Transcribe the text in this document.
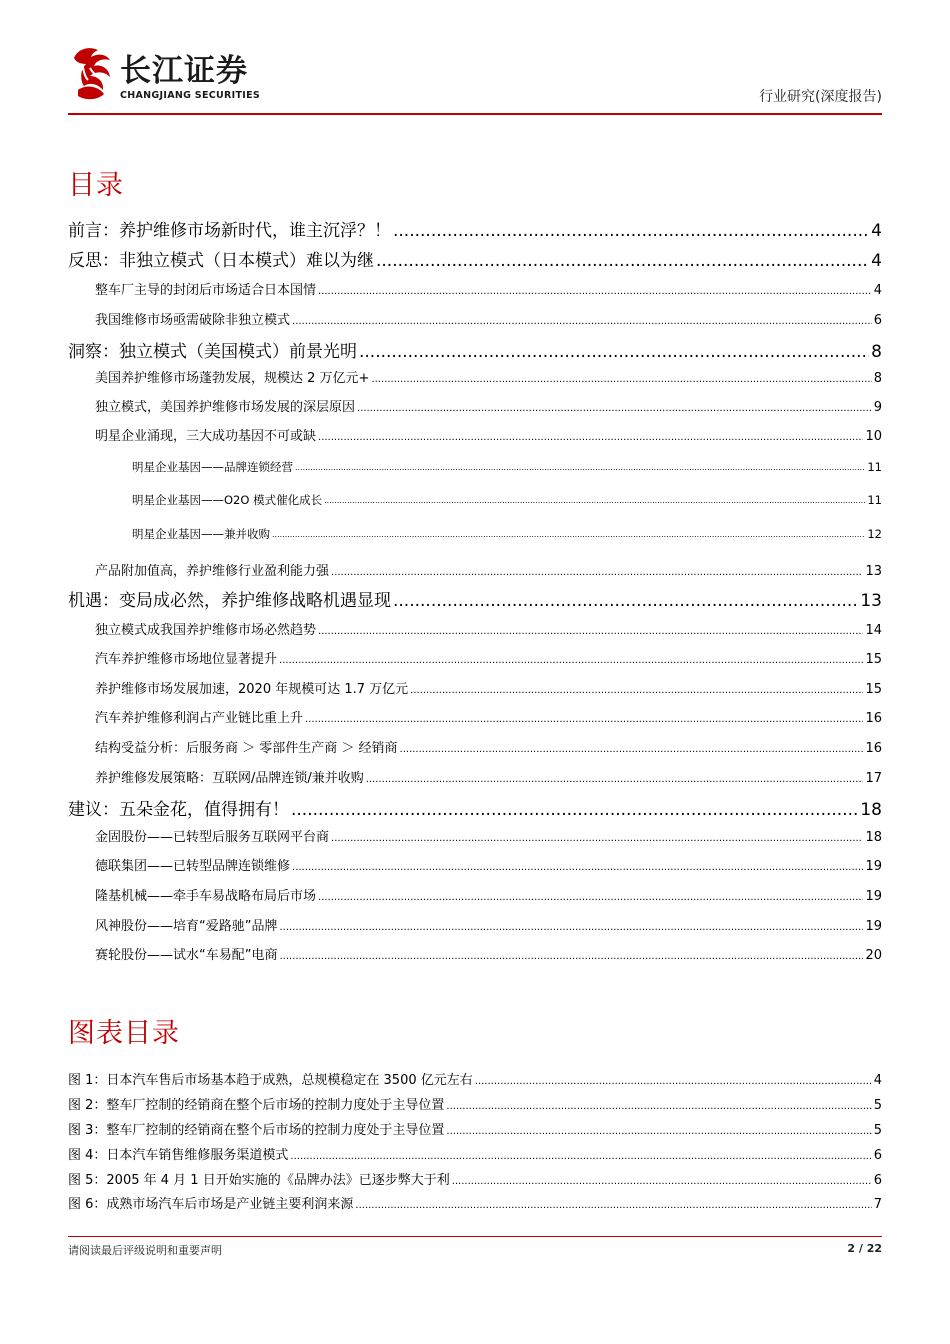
长江证券
CHANGJIANG SECURITIES	行业研究(深度报告)
目录
前言：养护维修市场新时代，谁主沉浮？！ .....	4
反思：非独立模式（日本模式）难以为继 .....	4
整车厂主导的封闭后市场适合日本国情 .....	4
我国维修市场亟需破除非独立模式 .....	6
洞察：独立模式（美国模式）前景光明 .....	8
美国养护维修市场蓬勃发展，规模达 2 万亿元+ .....	8
独立模式，美国养护维修市场发展的深层原因 .....	9
明星企业涌现，三大成功基因不可或缺 .....	10
明星企业基因——品牌连锁经营 .....	11
明星企业基因——O2O 模式催化成长 .....	11
明星企业基因——兼并收购 .....	12
产品附加值高，养护维修行业盈利能力强 .....	13
机遇：变局成必然，养护维修战略机遇显现 .....	13
独立模式成我国养护维修市场必然趋势 .....	14
汽车养护维修市场地位显著提升 .....	15
养护维修市场发展加速，2020 年规模可达 1.7 万亿元 .....	15
汽车养护维修利润占产业链比重上升 .....	16
结构受益分析：后服务商 ＞ 零部件生产商 ＞ 经销商 .....	16
养护维修发展策略：互联网/品牌连锁/兼并收购 .....	17
建议：五朵金花，值得拥有！ .....	18
金固股份——已转型后服务互联网平台商 .....	18
德联集团——已转型品牌连锁维修 .....	19
隆基机械——牵手车易战略布局后市场 .....	19
风神股份——培育“爱路驰”品牌 .....	19
赛轮股份——试水“车易配”电商 .....	20
图表目录
图 1：日本汽车售后市场基本趋于成熟，总规模稳定在 3500 亿元左右 .....	4
图 2：整车厂控制的经销商在整个后市场的控制力度处于主导位置 .....	5
图 3：整车厂控制的经销商在整个后市场的控制力度处于主导位置 .....	5
图 4：日本汽车销售维修服务渠道模式 .....	6
图 5：2005 年 4 月 1 日开始实施的《品牌办法》已逐步弊大于利 .....	6
图 6：成熟市场汽车后市场是产业链主要利润来源 .....	7
请阅读最后评级说明和重要声明	2 / 22
